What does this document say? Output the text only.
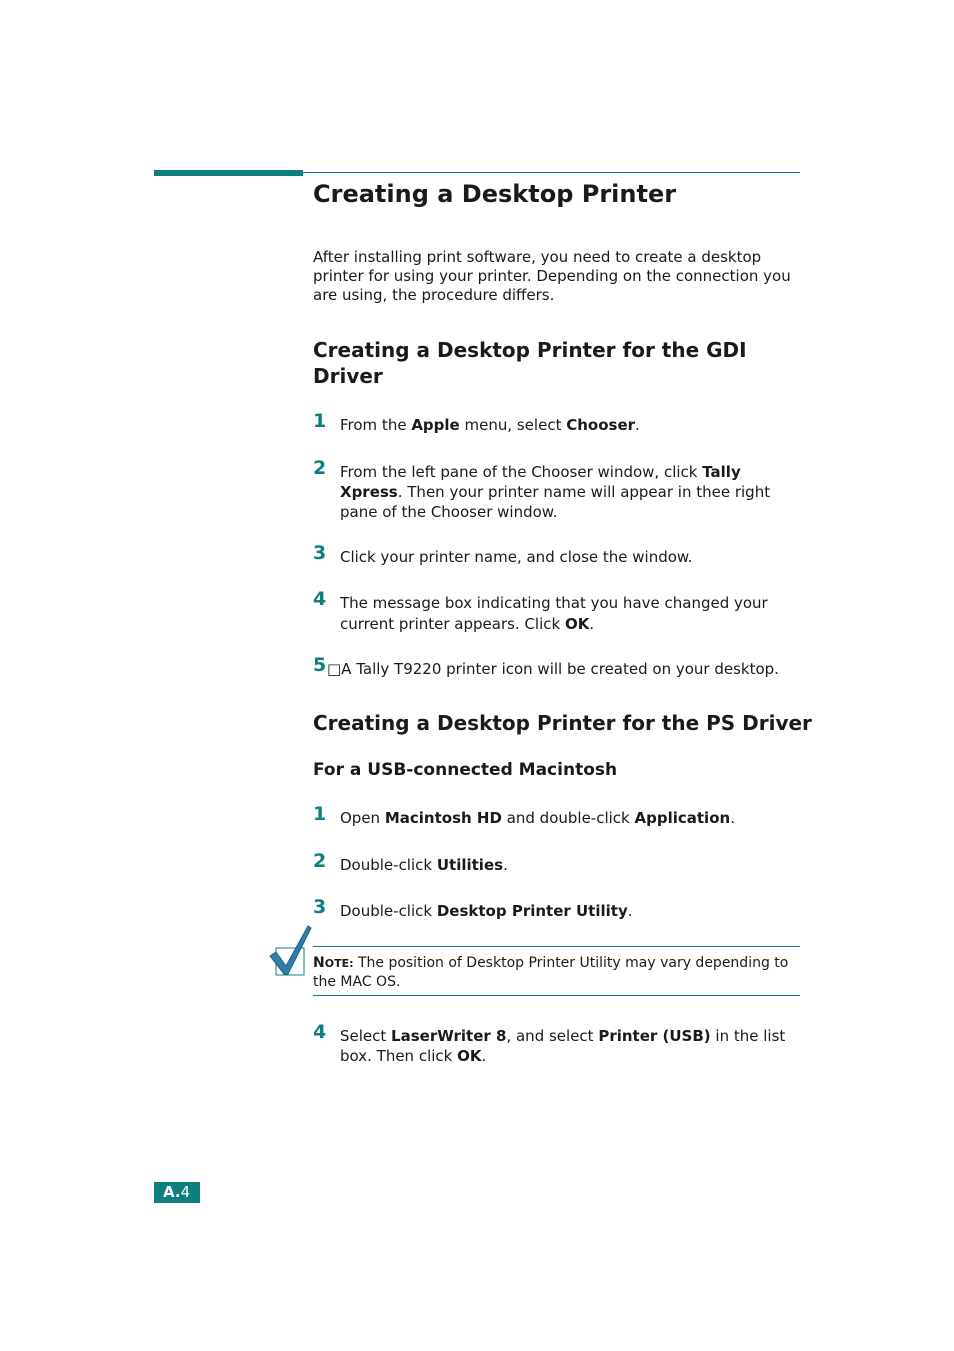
Creating a Desktop Printer

After installing print software, you need to create a desktop printer for using your printer. Depending on the connection you are using, the procedure differs.

Creating a Desktop Printer for the GDI Driver
1 From the Apple menu, select Chooser.
2 From the left pane of the Chooser window, click Tally Xpress. Then your printer name will appear in thee right pane of the Chooser window.
3 Click your printer name, and close the window.
4 The message box indicating that you have changed your current printer appears. Click OK.
5 □A Tally T9220 printer icon will be created on your desktop.
Creating a Desktop Printer for the PS Driver
For a USB-connected Macintosh
1 Open Macintosh HD and double-click Application.
2 Double-click Utilities.
3 Double-click Desktop Printer Utility.
NOTE: The position of Desktop Printer Utility may vary depending to the MAC OS.
4 Select LaserWriter 8, and select Printer (USB) in the list box. Then click OK.
A.4
